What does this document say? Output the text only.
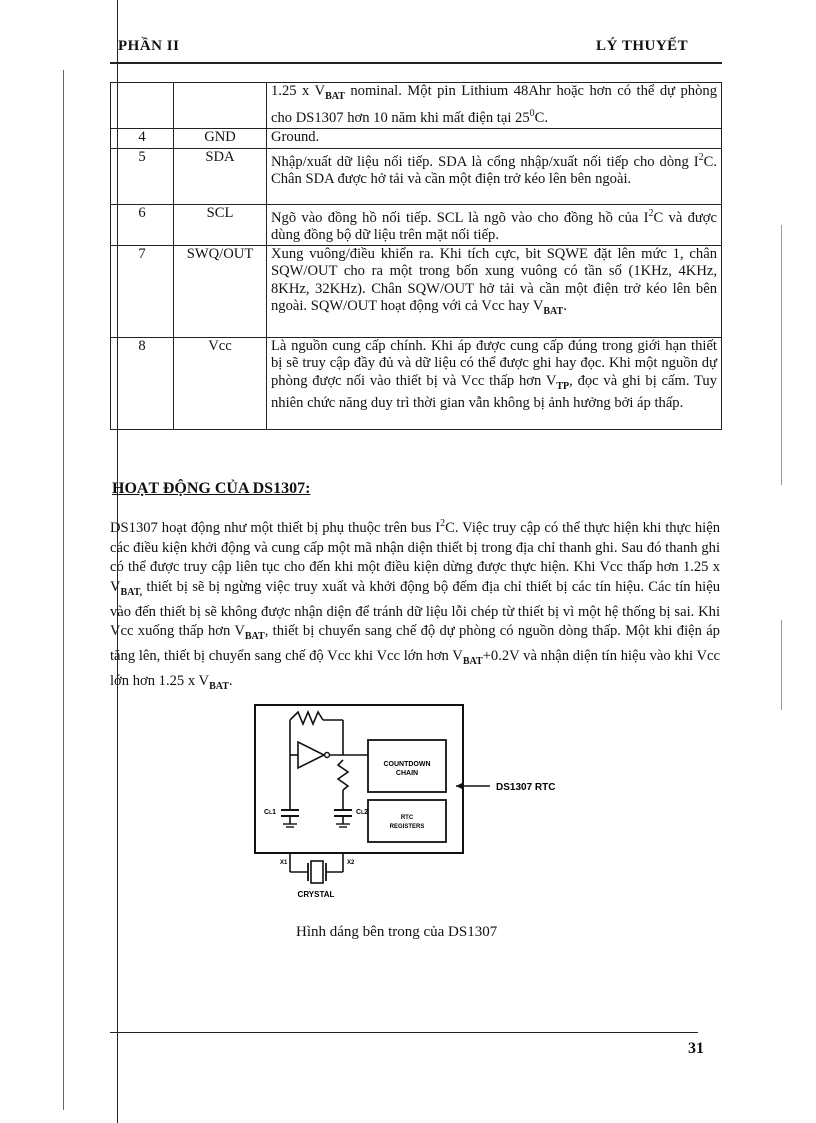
PHẦN II	LÝ THUYẾT
		1.25 x $V_{BAT}$ nominal. Một pin Lithium 48Ahr hoặc hơn có thể dự phòng cho DS1307 hơn 10 năm khi mất điện tại $25^0C$.
4	GND	Ground.
5	SDA	Nhập/xuất dữ liệu nối tiếp. SDA là cổng nhập/xuất nối tiếp cho dòng $I^2C$. Chân SDA được hở tải và cần một điện trở kéo lên bên ngoài.
6	SCL	Ngõ vào đồng hồ nối tiếp. SCL là ngõ vào cho đồng hồ của $I^2C$ và được dùng đồng bộ dữ liệu trên mặt nối tiếp.
7	SWQ/OUT	Xung vuông/điều khiển ra. Khi tích cực, bit SQWE đặt lên mức 1, chân SQW/OUT cho ra một trong bốn xung vuông có tần số (1KHz, 4KHz, 8KHz, 32KHz). Chân SQW/OUT hở tải và cần một điện trở kéo lên bên ngoài. SQW/OUT hoạt động với cả Vcc hay $V_{BAT}$.
8	Vcc	Là nguồn cung cấp chính. Khi áp được cung cấp đúng trong giới hạn thiết bị sẽ truy cập đầy đủ và dữ liệu có thể được ghi hay đọc. Khi một nguồn dự phòng được nối vào thiết bị và Vcc thấp hơn $V_{TP}$, đọc và ghi bị cấm. Tuy nhiên chức năng duy trì thời gian vẫn không bị ảnh hưởng bởi áp thấp.
HOẠT ĐỘNG CỦA DS1307:
DS1307 hoạt động như một thiết bị phụ thuộc trên bus $I^2C$. Việc truy cập có thể thực hiện khi thực hiện các điều kiện khởi động và cung cấp một mã nhận diện thiết bị trong địa chỉ thanh ghi. Sau đó thanh ghi có thể được truy cập liên tục cho đến khi một điều kiện dừng được thực hiện. Khi Vcc thấp hơn 1.25 x $V_{BAT,}$ thiết bị sẽ bị ngừng việc truy xuất và khởi động bộ đếm địa chỉ thiết bị các tín hiệu. Các tín hiệu vào đến thiết bị sẽ không được nhận diện để tránh dữ liệu lỗi chép từ thiết bị vì một hệ thống bị sai. Khi Vcc xuống thấp hơn $V_{BAT}$, thiết bị chuyển sang chế độ dự phòng có nguồn dòng thấp. Một khi điện áp tăng lên, thiết bị chuyển sang chế độ Vcc khi Vcc lớn hơn $V_{BAT}+0.2V$ và nhận diện tín hiệu vào khi Vcc lớn hơn 1.25 x $V_{BAT}$.
COUNTDOWN
CHAIN
RTC
REGISTERS
CL1	CL2
X1	X2
CRYSTAL
DS1307 RTC
Hình dáng bên trong của DS1307
31
